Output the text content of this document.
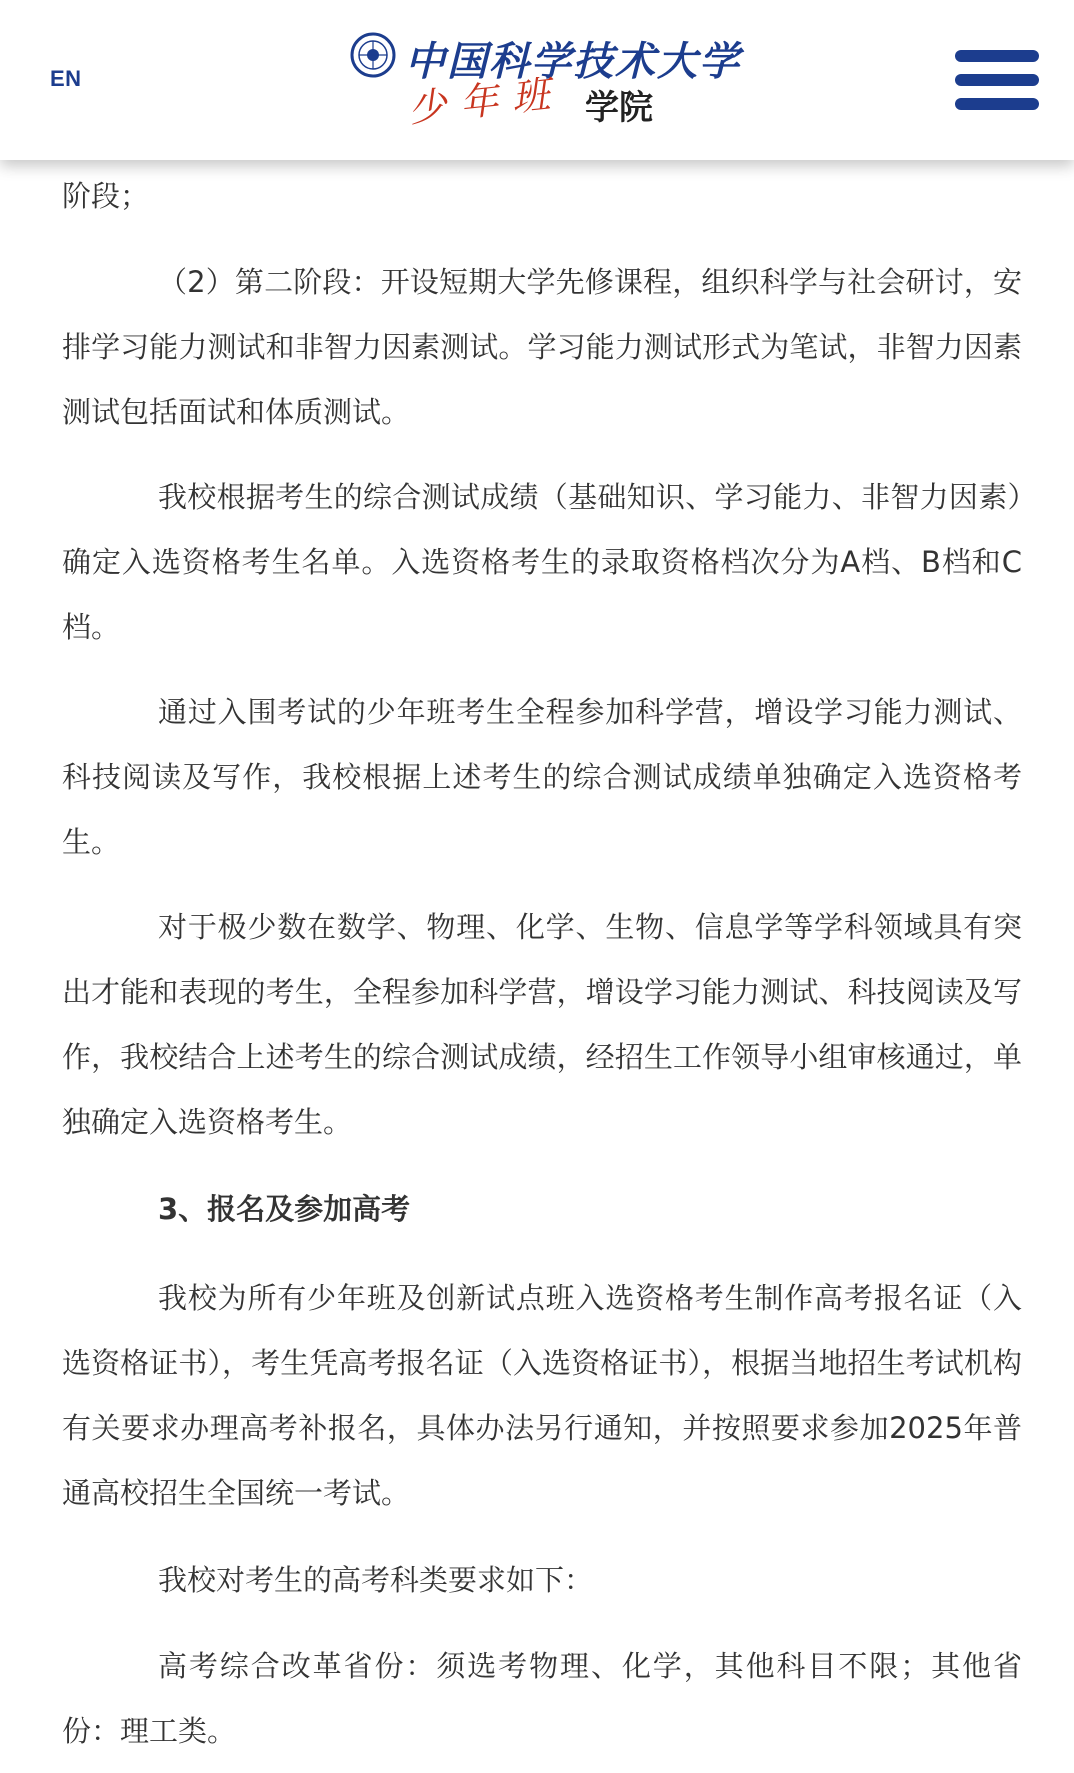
EN	中国科学技术大学
少年班 学院

阶段；

（2）第二阶段：开设短期大学先修课程，组织科学与社会研讨，安排学习能力测试和非智力因素测试。学习能力测试形式为笔试，非智力因素测试包括面试和体质测试。

我校根据考生的综合测试成绩（基础知识、学习能力、非智力因素）确定入选资格考生名单。入选资格考生的录取资格档次分为A档、B档和C档。

通过入围考试的少年班考生全程参加科学营，增设学习能力测试、科技阅读及写作，我校根据上述考生的综合测试成绩单独确定入选资格考生。

对于极少数在数学、物理、化学、生物、信息学等学科领域具有突出才能和表现的考生，全程参加科学营，增设学习能力测试、科技阅读及写作，我校结合上述考生的综合测试成绩，经招生工作领导小组审核通过，单独确定入选资格考生。

3、报名及参加高考

我校为所有少年班及创新试点班入选资格考生制作高考报名证（入选资格证书），考生凭高考报名证（入选资格证书），根据当地招生考试机构有关要求办理高考补报名，具体办法另行通知，并按照要求参加2025年普通高校招生全国统一考试。

我校对考生的高考科类要求如下：

高考综合改革省份：须选考物理、化学，其他科目不限；其他省份：理工类。
